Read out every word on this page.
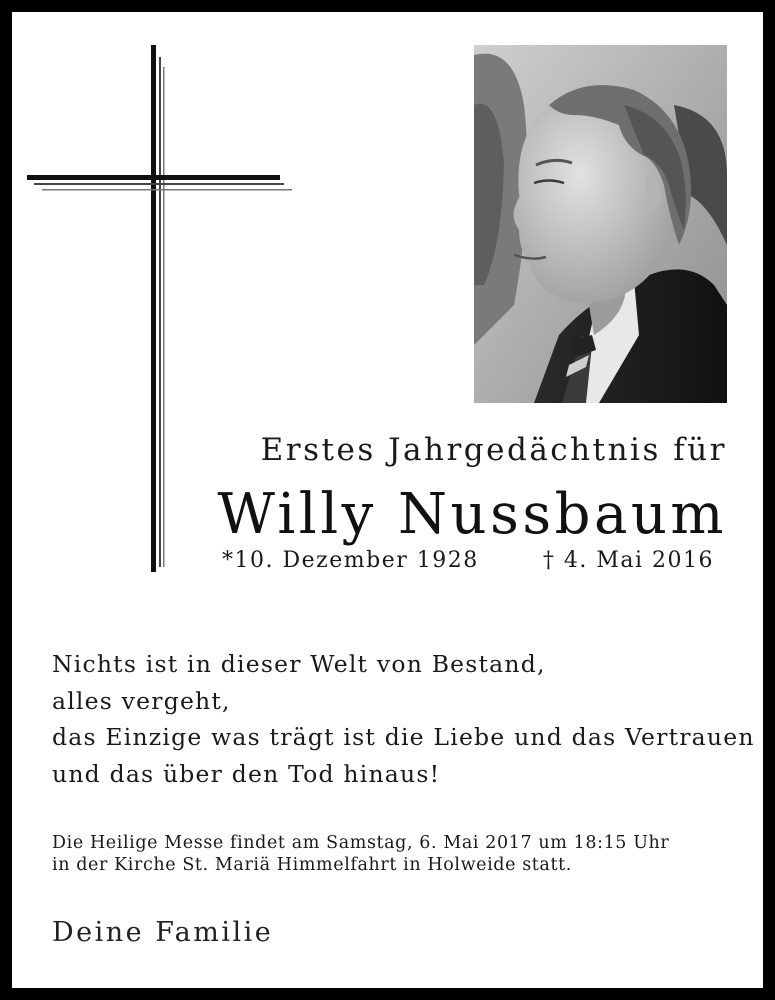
Erstes Jahrgedächtnis für
Willy Nussbaum
*10. Dezember 1928	† 4. Mai 2016
Nichts ist in dieser Welt von Bestand,
alles vergeht,
das Einzige was trägt ist die Liebe und das Vertrauen
und das über den Tod hinaus!
Die Heilige Messe findet am Samstag, 6. Mai 2017 um 18:15 Uhr
in der Kirche St. Mariä Himmelfahrt in Holweide statt.
Deine Familie
